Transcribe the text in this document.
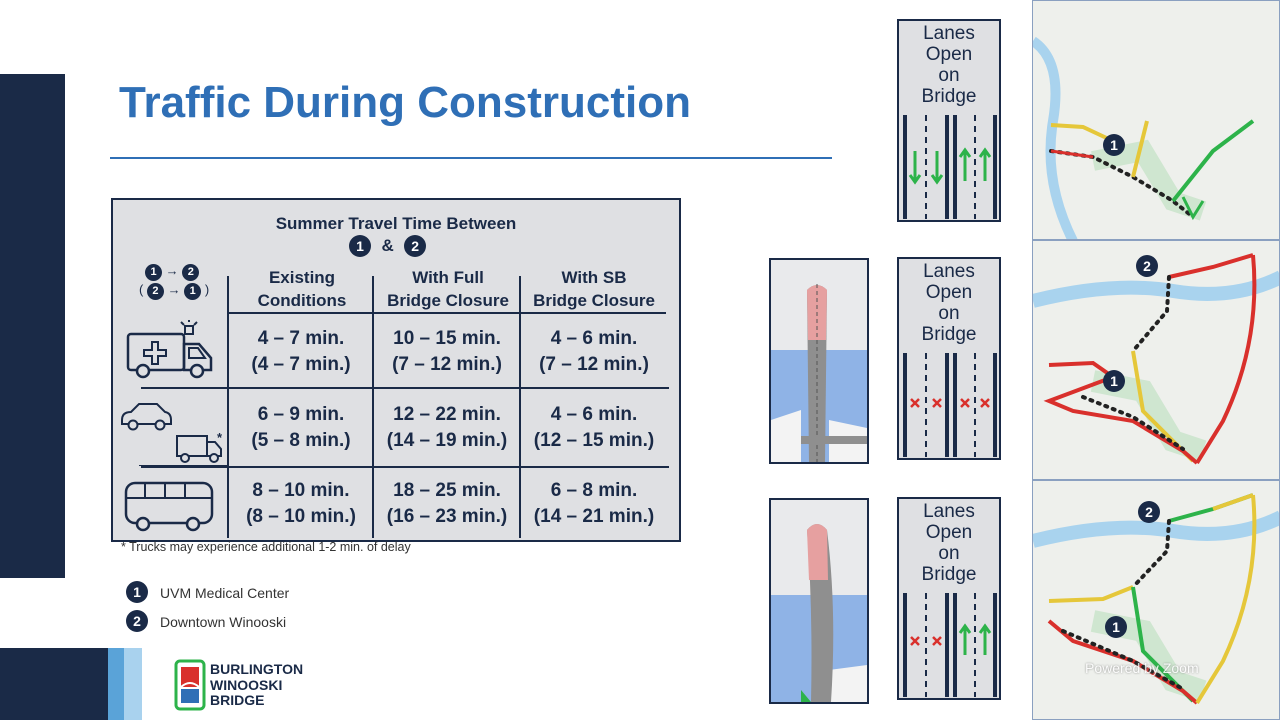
Traffic During Construction
Summer Travel Time Between
1 & 2
1 → 2
( 2 → 1 )
Existing
Conditions
With Full
Bridge Closure
With SB
Bridge Closure
*
4 – 7 min.
(4 – 7 min.)
10 – 15 min.
(7 – 12 min.)
4 – 6 min.
(7 – 12 min.)
6 – 9 min.
(5 – 8 min.)
12 – 22 min.
(14 – 19 min.)
4 – 6 min.
(12 – 15 min.)
8 – 10 min.
(8 – 10 min.)
18 – 25 min.
(16 – 23 min.)
6 – 8 min.
(14 – 21 min.)
* Trucks may experience additional 1-2 min. of delay
1	UVM Medical Center
2	Downtown Winooski
BURLINGTON
WINOOSKI
BRIDGE
Lanes
Open
on
Bridge
Lanes
Open
on
Bridge
Lanes
Open
on
Bridge
1
2
1
2
1
Powered by Zoom
